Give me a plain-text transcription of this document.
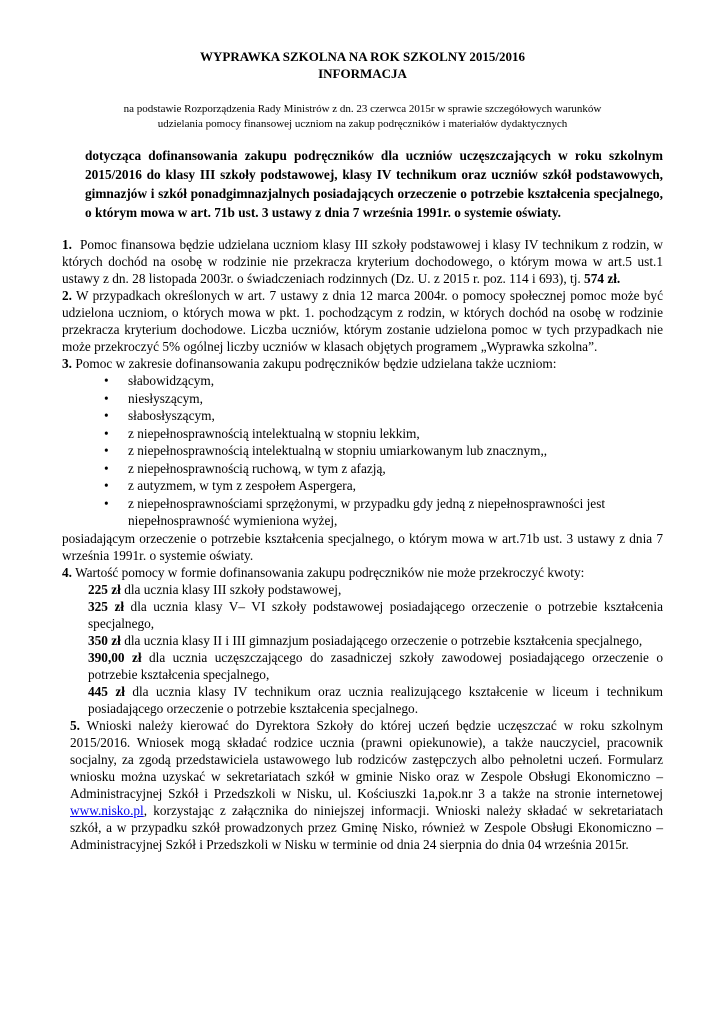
WYPRAWKA SZKOLNA NA ROK SZKOLNY 2015/2016
INFORMACJA

na podstawie Rozporządzenia Rady Ministrów z dn. 23 czerwca 2015r w sprawie szczegółowych warunków
udzielania pomocy finansowej uczniom na zakup podręczników i materiałów dydaktycznych

dotycząca dofinansowania zakupu podręczników dla uczniów uczęszczających w roku szkolnym 2015/2016 do klasy III szkoły podstawowej, klasy IV technikum oraz uczniów szkół podstawowych, gimnazjów i szkół ponadgimnazjalnych posiadających orzeczenie o potrzebie kształcenia specjalnego, o którym mowa w art. 71b ust. 3 ustawy z dnia 7 września 1991r. o systemie oświaty.

1. Pomoc finansowa będzie udzielana uczniom klasy III szkoły podstawowej i klasy IV technikum z rodzin, w których dochód na osobę w rodzinie nie przekracza kryterium dochodowego, o którym mowa w art.5 ust.1 ustawy z dn. 28 listopada 2003r. o świadczeniach rodzinnych (Dz. U. z 2015 r. poz. 114 i 693), tj. 574 zł.

2. W przypadkach określonych w art. 7 ustawy z dnia 12 marca 2004r. o pomocy społecznej pomoc może być udzielona uczniom, o których mowa w pkt. 1. pochodzącym z rodzin, w których dochód na osobę w rodzinie przekracza kryterium dochodowe. Liczba uczniów, którym zostanie udzielona pomoc w tych przypadkach nie może przekroczyć 5% ogólnej liczby uczniów w klasach objętych programem „Wyprawka szkolna”.

3. Pomoc w zakresie dofinansowania zakupu podręczników będzie udzielana także uczniom:

• słabowidzącym,
• niesłyszącym,
• słabosłyszącym,
• z niepełnosprawnością intelektualną w stopniu lekkim,
• z niepełnosprawnością intelektualną w stopniu umiarkowanym lub znacznym,,
• z niepełnosprawnością ruchową, w tym z afazją,
• z autyzmem, w tym z zespołem Aspergera,
• z niepełnosprawnościami sprzężonymi, w przypadku gdy jedną z niepełnosprawności jest niepełnosprawność wymieniona wyżej,

posiadającym orzeczenie o potrzebie kształcenia specjalnego, o którym mowa w art.71b ust. 3 ustawy z dnia 7 września 1991r. o systemie oświaty.

4. Wartość pomocy w formie dofinansowania zakupu podręczników nie może przekroczyć kwoty:

225 zł dla ucznia klasy III szkoły podstawowej,

325 zł dla ucznia klasy V– VI szkoły podstawowej posiadającego orzeczenie o potrzebie kształcenia specjalnego,

350 zł dla ucznia klasy II i III gimnazjum posiadającego orzeczenie o potrzebie kształcenia specjalnego,

390,00 zł dla ucznia uczęszczającego do zasadniczej szkoły zawodowej posiadającego orzeczenie o potrzebie kształcenia specjalnego,

445 zł dla ucznia klasy IV technikum oraz ucznia realizującego kształcenie w liceum i technikum posiadającego orzeczenie o potrzebie kształcenia specjalnego.

5. Wnioski należy kierować do Dyrektora Szkoły do której uczeń będzie uczęszczać w roku szkolnym 2015/2016. Wniosek mogą składać rodzice ucznia (prawni opiekunowie), a także nauczyciel, pracownik socjalny, za zgodą przedstawiciela ustawowego lub rodziców zastępczych albo pełnoletni uczeń. Formularz wniosku można uzyskać w sekretariatach szkół w gminie Nisko oraz w Zespole Obsługi Ekonomiczno –Administracyjnej Szkół i Przedszkoli w Nisku, ul. Kościuszki 1a,pok.nr 3 a także na stronie internetowej www.nisko.pl, korzystając z załącznika do niniejszej informacji. Wnioski należy składać w sekretariatach szkół, a w przypadku szkół prowadzonych przez Gminę Nisko, również w Zespole Obsługi Ekonomiczno – Administracyjnej Szkół i Przedszkoli w Nisku w terminie od dnia 24 sierpnia do dnia 04 września 2015r.
